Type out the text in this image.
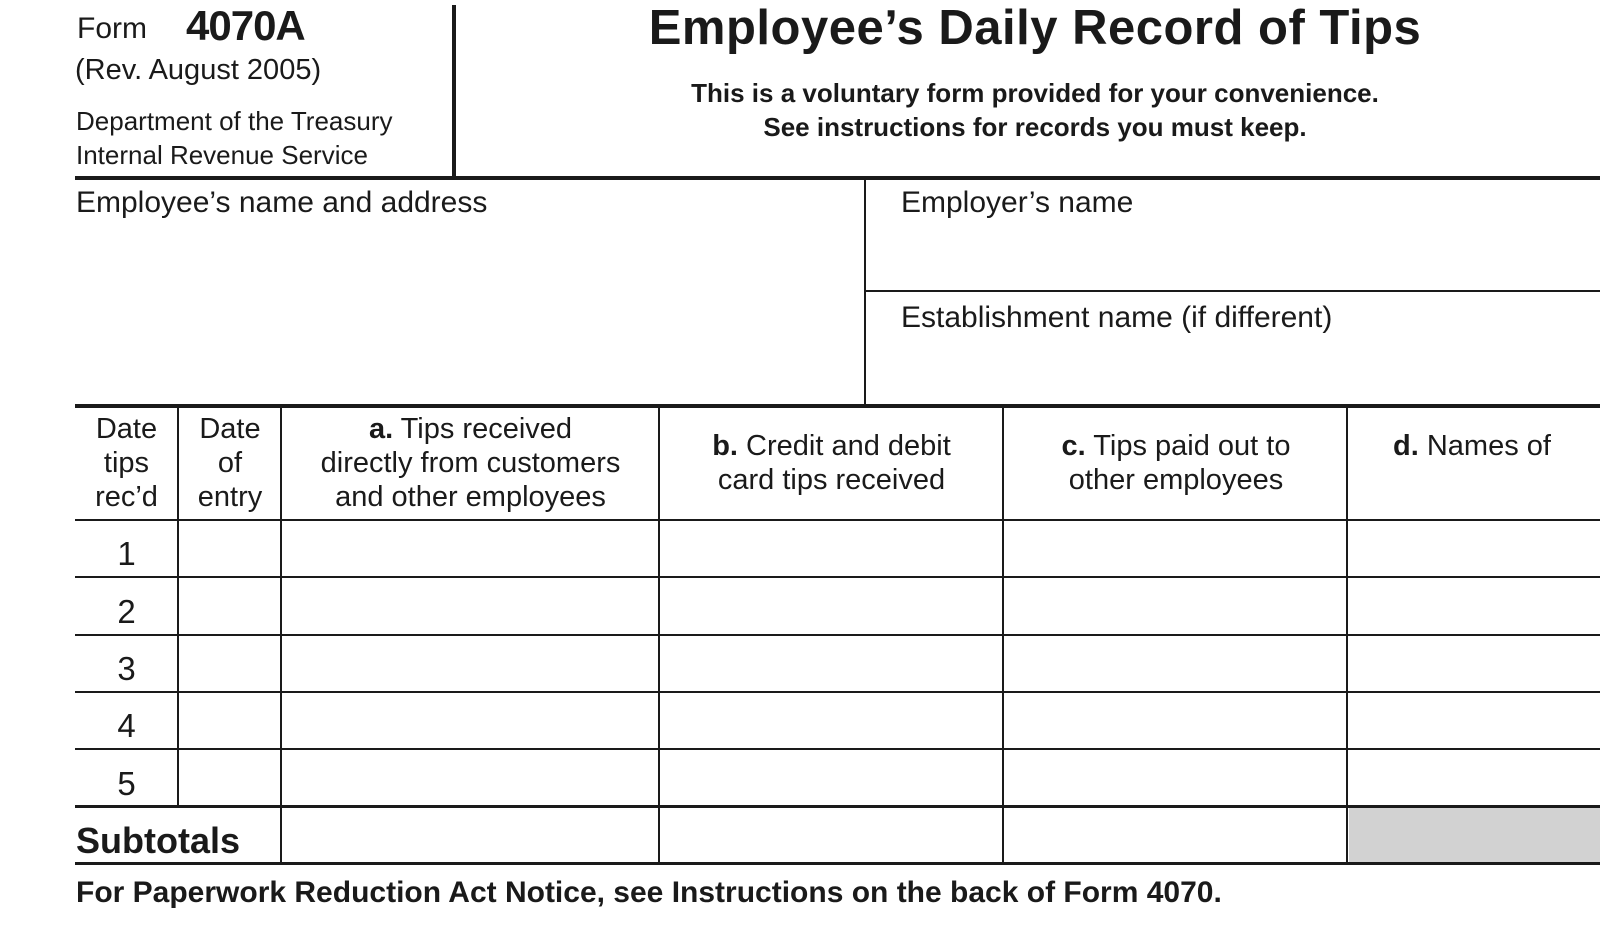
Form 4070A
(Rev. August 2005)
Department of the Treasury
Internal Revenue Service
Employee’s Daily Record of Tips
This is a voluntary form provided for your convenience.
See instructions for records you must keep.
Employee’s name and address	Employer’s name
Establishment name (if different)
Date
tips
rec’d
Date
of
entry
a. Tips received
directly from customers
and other employees
b. Credit and debit
card tips received
c. Tips paid out to
other employees
d. Names of
1
2
3
4
5
Subtotals
For Paperwork Reduction Act Notice, see Instructions on the back of Form 4070.
